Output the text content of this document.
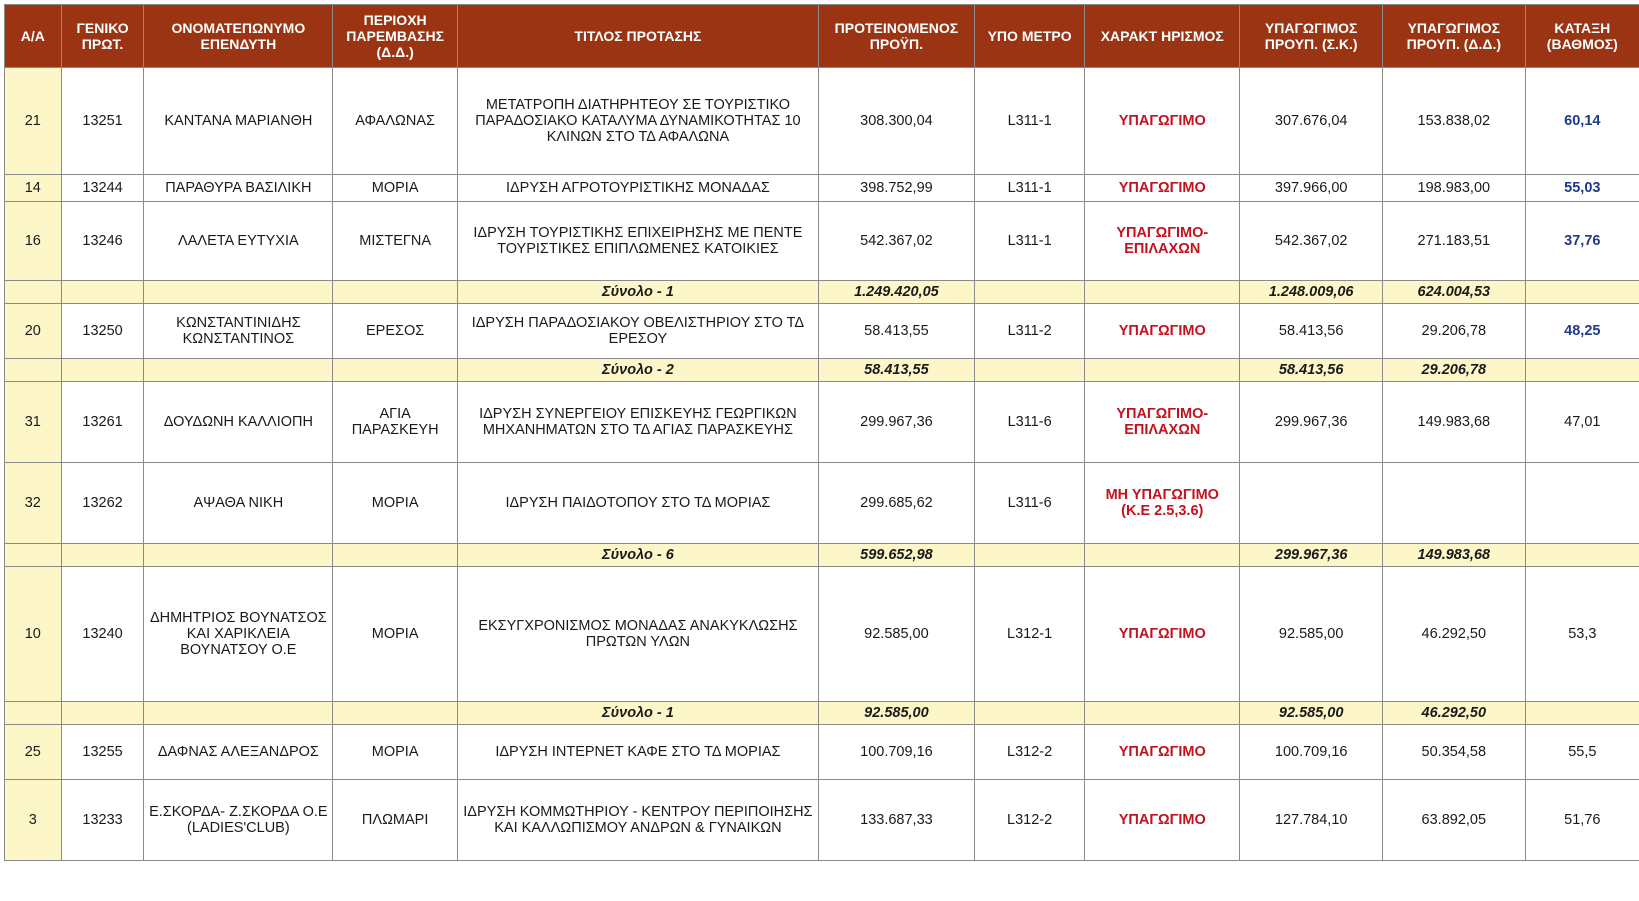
Α/Α	ΓΕΝΙΚΟ ΠΡΩΤ.	ΟΝΟΜΑΤΕΠΩΝΥΜΟ ΕΠΕΝΔΥΤΗ	ΠΕΡΙΟΧΗ ΠΑΡΕΜΒΑΣΗΣ (Δ.Δ.)	ΤΙΤΛΟΣ ΠΡΟΤΑΣΗΣ	ΠΡΟΤΕΙΝΟΜΕΝΟΣ ΠΡΟΫΠ.	ΥΠΟ ΜΕΤΡΟ	ΧΑΡΑΚΤ ΗΡΙΣΜΟΣ	ΥΠΑΓΩΓΙΜΟΣ ΠΡΟΥΠ. (Σ.Κ.)	ΥΠΑΓΩΓΙΜΟΣ ΠΡΟΥΠ. (Δ.Δ.)	ΚΑΤΑΞΗ (ΒΑΘΜΟΣ)
21	13251	ΚΑΝΤΑΝΑ ΜΑΡΙΑΝΘΗ	ΑΦΑΛΩΝΑΣ	ΜΕΤΑΤΡΟΠΗ ΔΙΑΤΗΡΗΤΕΟΥ ΣΕ ΤΟΥΡΙΣΤΙΚΟ ΠΑΡΑΔΟΣΙΑΚΟ ΚΑΤΑΛΥΜΑ ΔΥΝΑΜΙΚΟΤΗΤΑΣ 10 ΚΛΙΝΩΝ ΣΤΟ ΤΔ ΑΦΑΛΩΝΑ	308.300,04	L311-1	ΥΠΑΓΩΓΙΜΟ	307.676,04	153.838,02	60,14
14	13244	ΠΑΡΑΘΥΡΑ ΒΑΣΙΛΙΚΗ	ΜΟΡΙΑ	ΙΔΡΥΣΗ ΑΓΡΟΤΟΥΡΙΣΤΙΚΗΣ ΜΟΝΑΔΑΣ	398.752,99	L311-1	ΥΠΑΓΩΓΙΜΟ	397.966,00	198.983,00	55,03
16	13246	ΛΑΛΕΤΑ ΕΥΤΥΧΙΑ	ΜΙΣΤΕΓΝΑ	ΙΔΡΥΣΗ ΤΟΥΡΙΣΤΙΚΗΣ ΕΠΙΧΕΙΡΗΣΗΣ ΜΕ ΠΕΝΤΕ ΤΟΥΡΙΣΤΙΚΕΣ ΕΠΙΠΛΩΜΕΝΕΣ ΚΑΤΟΙΚΙΕΣ	542.367,02	L311-1	ΥΠΑΓΩΓΙΜΟ-ΕΠΙΛΑΧΩΝ	542.367,02	271.183,51	37,76
				Σύνολο - 1	1.249.420,05			1.248.009,06	624.004,53	
20	13250	ΚΩΝΣΤΑΝΤΙΝΙΔΗΣ ΚΩΝΣΤΑΝΤΙΝΟΣ	ΕΡΕΣΟΣ	ΙΔΡΥΣΗ ΠΑΡΑΔΟΣΙΑΚΟΥ ΟΒΕΛΙΣΤΗΡΙΟΥ ΣΤΟ ΤΔ ΕΡΕΣΟΥ	58.413,55	L311-2	ΥΠΑΓΩΓΙΜΟ	58.413,56	29.206,78	48,25
				Σύνολο - 2	58.413,55			58.413,56	29.206,78	
31	13261	ΔΟΥΔΩΝΗ ΚΑΛΛΙΟΠΗ	ΑΓΙΑ ΠΑΡΑΣΚΕΥΗ	ΙΔΡΥΣΗ ΣΥΝΕΡΓΕΙΟΥ ΕΠΙΣΚΕΥΗΣ ΓΕΩΡΓΙΚΩΝ ΜΗΧΑΝΗΜΑΤΩΝ ΣΤΟ ΤΔ ΑΓΙΑΣ ΠΑΡΑΣΚΕΥΗΣ	299.967,36	L311-6	ΥΠΑΓΩΓΙΜΟ-ΕΠΙΛΑΧΩΝ	299.967,36	149.983,68	47,01
32	13262	ΑΨΑΘΑ ΝΙΚΗ	ΜΟΡΙΑ	ΙΔΡΥΣΗ ΠΑΙΔΟΤΟΠΟΥ ΣΤΟ ΤΔ ΜΟΡΙΑΣ	299.685,62	L311-6	ΜΗ ΥΠΑΓΩΓΙΜΟ (Κ.Ε 2.5,3.6)			
				Σύνολο - 6	599.652,98			299.967,36	149.983,68	
10	13240	ΔΗΜΗΤΡΙΟΣ ΒΟΥΝΑΤΣΟΣ ΚΑΙ ΧΑΡΙΚΛΕΙΑ ΒΟΥΝΑΤΣΟΥ Ο.Ε	ΜΟΡΙΑ	ΕΚΣΥΓΧΡΟΝΙΣΜΟΣ ΜΟΝΑΔΑΣ ΑΝΑΚΥΚΛΩΣΗΣ ΠΡΩΤΩΝ ΥΛΩΝ	92.585,00	L312-1	ΥΠΑΓΩΓΙΜΟ	92.585,00	46.292,50	53,3
				Σύνολο - 1	92.585,00			92.585,00	46.292,50	
25	13255	ΔΑΦΝΑΣ ΑΛΕΞΑΝΔΡΟΣ	ΜΟΡΙΑ	ΙΔΡΥΣΗ ΙΝΤΕΡΝΕΤ ΚΑΦΕ ΣΤΟ ΤΔ ΜΟΡΙΑΣ	100.709,16	L312-2	ΥΠΑΓΩΓΙΜΟ	100.709,16	50.354,58	55,5
3	13233	Ε.ΣΚΟΡΔΑ- Ζ.ΣΚΟΡΔΑ Ο.Ε (LADIES'CLUB)	ΠΛΩΜΑΡΙ	ΙΔΡΥΣΗ ΚΟΜΜΩΤΗΡΙΟΥ - ΚΕΝΤΡΟΥ ΠΕΡΙΠΟΙΗΣΗΣ ΚΑΙ ΚΑΛΛΩΠΙΣΜΟΥ ΑΝΔΡΩΝ & ΓΥΝΑΙΚΩΝ	133.687,33	L312-2	ΥΠΑΓΩΓΙΜΟ	127.784,10	63.892,05	51,76
